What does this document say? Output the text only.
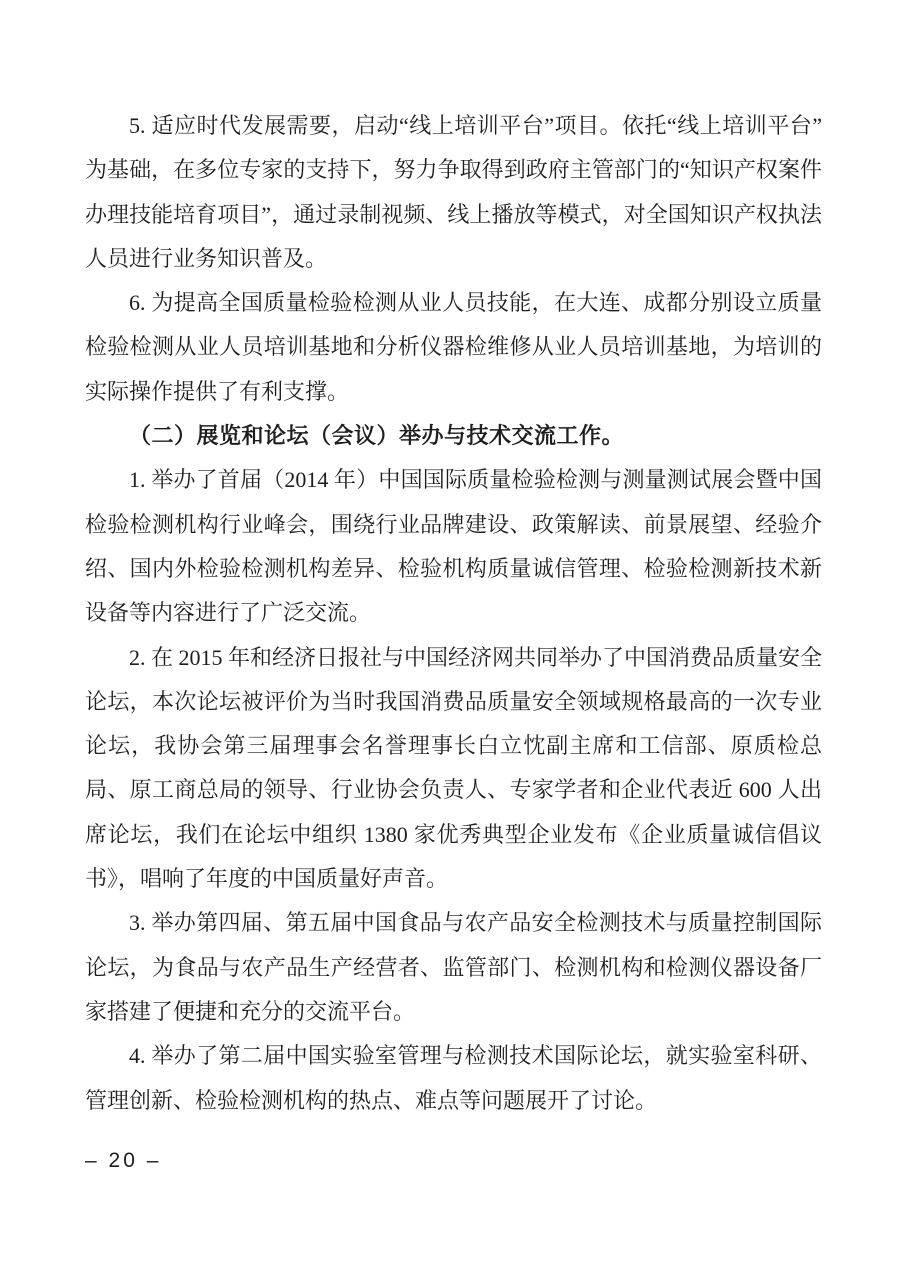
5. 适应时代发展需要，启动“线上培训平台”项目。依托“线上培训平台”为基础，在多位专家的支持下，努力争取得到政府主管部门的“知识产权案件办理技能培育项目”，通过录制视频、线上播放等模式，对全国知识产权执法人员进行业务知识普及。

6. 为提高全国质量检验检测从业人员技能，在大连、成都分别设立质量检验检测从业人员培训基地和分析仪器检维修从业人员培训基地，为培训的实际操作提供了有利支撑。

（二）展览和论坛（会议）举办与技术交流工作。

1. 举办了首届（2014 年）中国国际质量检验检测与测量测试展会暨中国检验检测机构行业峰会，围绕行业品牌建设、政策解读、前景展望、经验介绍、国内外检验检测机构差异、检验机构质量诚信管理、检验检测新技术新设备等内容进行了广泛交流。

2. 在 2015 年和经济日报社与中国经济网共同举办了中国消费品质量安全论坛，本次论坛被评价为当时我国消费品质量安全领域规格最高的一次专业论坛，我协会第三届理事会名誉理事长白立忱副主席和工信部、原质检总局、原工商总局的领导、行业协会负责人、专家学者和企业代表近 600 人出席论坛，我们在论坛中组织 1380 家优秀典型企业发布《企业质量诚信倡议书》，唱响了年度的中国质量好声音。

3. 举办第四届、第五届中国食品与农产品安全检测技术与质量控制国际论坛，为食品与农产品生产经营者、监管部门、检测机构和检测仪器设备厂家搭建了便捷和充分的交流平台。

4. 举办了第二届中国实验室管理与检测技术国际论坛，就实验室科研、管理创新、检验检测机构的热点、难点等问题展开了讨论。

– 20 –
